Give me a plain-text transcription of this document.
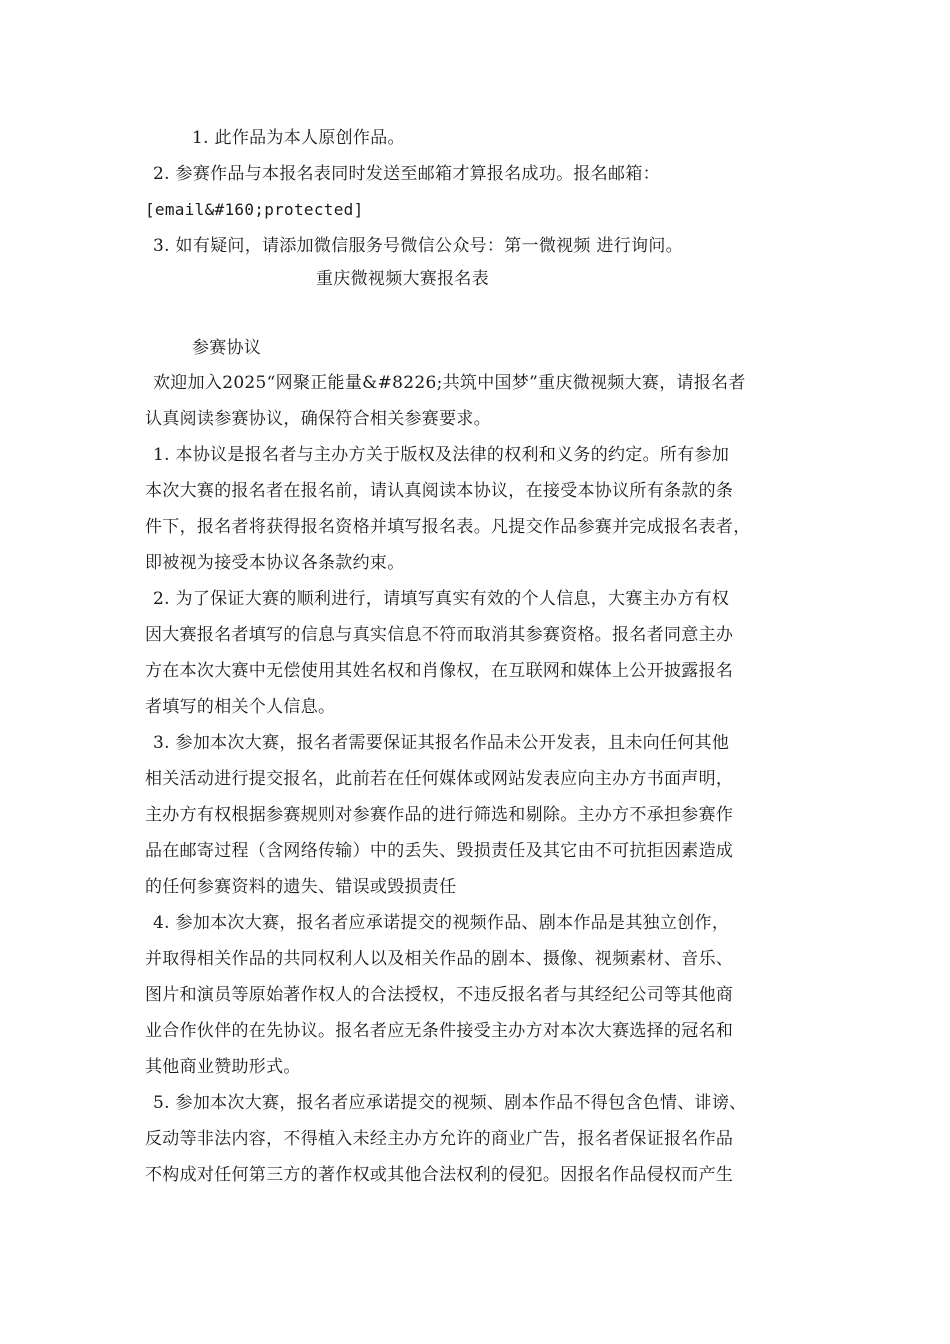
1. 此作品为本人原创作品。
2. 参赛作品与本报名表同时发送至邮箱才算报名成功。报名邮箱：
[email&#160;protected]
3. 如有疑问，请添加微信服务号微信公众号：第一微视频 进行询问。
重庆微视频大赛报名表
参赛协议
欢迎加入2025“网聚正能量&#8226;共筑中国梦”重庆微视频大赛，请报名者
认真阅读参赛协议，确保符合相关参赛要求。
1. 本协议是报名者与主办方关于版权及法律的权利和义务的约定。所有参加
本次大赛的报名者在报名前，请认真阅读本协议，在接受本协议所有条款的条
件下，报名者将获得报名资格并填写报名表。凡提交作品参赛并完成报名表者，
即被视为接受本协议各条款约束。
2. 为了保证大赛的顺利进行，请填写真实有效的个人信息，大赛主办方有权
因大赛报名者填写的信息与真实信息不符而取消其参赛资格。报名者同意主办
方在本次大赛中无偿使用其姓名权和肖像权，在互联网和媒体上公开披露报名
者填写的相关个人信息。
3. 参加本次大赛，报名者需要保证其报名作品未公开发表，且未向任何其他
相关活动进行提交报名，此前若在任何媒体或网站发表应向主办方书面声明，
主办方有权根据参赛规则对参赛作品的进行筛选和剔除。主办方不承担参赛作
品在邮寄过程（含网络传输）中的丢失、毁损责任及其它由不可抗拒因素造成
的任何参赛资料的遗失、错误或毁损责任
4. 参加本次大赛，报名者应承诺提交的视频作品、剧本作品是其独立创作，
并取得相关作品的共同权利人以及相关作品的剧本、摄像、视频素材、音乐、
图片和演员等原始著作权人的合法授权，不违反报名者与其经纪公司等其他商
业合作伙伴的在先协议。报名者应无条件接受主办方对本次大赛选择的冠名和
其他商业赞助形式。
5. 参加本次大赛，报名者应承诺提交的视频、剧本作品不得包含色情、诽谤、
反动等非法内容，不得植入未经主办方允许的商业广告，报名者保证报名作品
不构成对任何第三方的著作权或其他合法权利的侵犯。因报名作品侵权而产生
